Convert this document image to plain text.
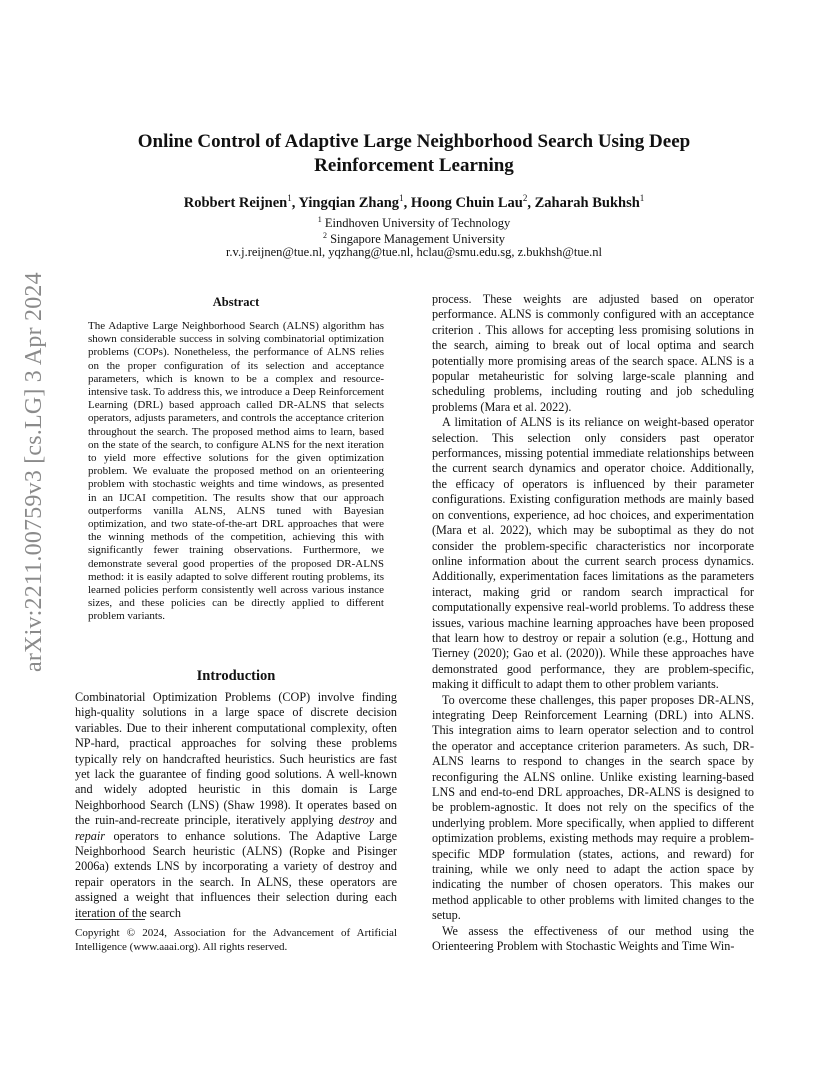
arXiv:2211.00759v3 [cs.LG] 3 Apr 2024
Online Control of Adaptive Large Neighborhood Search Using Deep Reinforcement Learning
Robbert Reijnen$^1$, Yingqian Zhang$^1$, Hoong Chuin Lau$^2$, Zaharah Bukhsh$^1$
$^1$ Eindhoven University of Technology
$^2$ Singapore Management University
r.v.j.reijnen@tue.nl, yqzhang@tue.nl, hclau@smu.edu.sg, z.bukhsh@tue.nl
Abstract

The Adaptive Large Neighborhood Search (ALNS) algorithm has shown considerable success in solving combinatorial optimization problems (COPs). Nonetheless, the performance of ALNS relies on the proper configuration of its selection and acceptance parameters, which is known to be a complex and resource-intensive task. To address this, we introduce a Deep Reinforcement Learning (DRL) based approach called DR-ALNS that selects operators, adjusts parameters, and controls the acceptance criterion throughout the search. The proposed method aims to learn, based on the state of the search, to configure ALNS for the next iteration to yield more effective solutions for the given optimization problem. We evaluate the proposed method on an orienteering problem with stochastic weights and time windows, as presented in an IJCAI competition. The results show that our approach outperforms vanilla ALNS, ALNS tuned with Bayesian optimization, and two state-of-the-art DRL approaches that were the winning methods of the competition, achieving this with significantly fewer training observations. Furthermore, we demonstrate several good properties of the proposed DR-ALNS method: it is easily adapted to solve different routing problems, its learned policies perform consistently well across various instance sizes, and these policies can be directly applied to different problem variants.

Introduction

Combinatorial Optimization Problems (COP) involve finding high-quality solutions in a large space of discrete decision variables. Due to their inherent computational complexity, often NP-hard, practical approaches for solving these problems typically rely on handcrafted heuristics. Such heuristics are fast yet lack the guarantee of finding good solutions. A well-known and widely adopted heuristic in this domain is Large Neighborhood Search (LNS) (Shaw 1998). It operates based on the ruin-and-recreate principle, iteratively applying destroy and repair operators to enhance solutions. The Adaptive Large Neighborhood Search heuristic (ALNS) (Ropke and Pisinger 2006a) extends LNS by incorporating a variety of destroy and repair operators in the search. In ALNS, these operators are assigned a weight that influences their selection during each iteration of the search

Copyright © 2024, Association for the Advancement of Artificial Intelligence (www.aaai.org). All rights reserved.

process. These weights are adjusted based on operator performance. ALNS is commonly configured with an acceptance criterion . This allows for accepting less promising solutions in the search, aiming to break out of local optima and search potentially more promising areas of the search space. ALNS is a popular metaheuristic for solving large-scale planning and scheduling problems, including routing and job scheduling problems (Mara et al. 2022).

A limitation of ALNS is its reliance on weight-based operator selection. This selection only considers past operator performances, missing potential immediate relationships between the current search dynamics and operator choice. Additionally, the efficacy of operators is influenced by their parameter configurations. Existing configuration methods are mainly based on conventions, experience, ad hoc choices, and experimentation (Mara et al. 2022), which may be suboptimal as they do not consider the problem-specific characteristics nor incorporate online information about the current search process dynamics. Additionally, experimentation faces limitations as the parameters interact, making grid or random search impractical for computationally expensive real-world problems. To address these issues, various machine learning approaches have been proposed that learn how to destroy or repair a solution (e.g., Hottung and Tierney (2020); Gao et al. (2020)). While these approaches have demonstrated good performance, they are problem-specific, making it difficult to adapt them to other problem variants.

To overcome these challenges, this paper proposes DR-ALNS, integrating Deep Reinforcement Learning (DRL) into ALNS. This integration aims to learn operator selection and to control the operator and acceptance criterion parameters. As such, DR-ALNS learns to respond to changes in the search space by reconfiguring the ALNS online. Unlike existing learning-based LNS and end-to-end DRL approaches, DR-ALNS is designed to be problem-agnostic. It does not rely on the specifics of the underlying problem. More specifically, when applied to different optimization problems, existing methods may require a problem-specific MDP formulation (states, actions, and reward) for training, while we only need to adapt the action space by indicating the number of chosen operators. This makes our method applicable to other problems with limited changes to the setup.

We assess the effectiveness of our method using the Orienteering Problem with Stochastic Weights and Time Win-
